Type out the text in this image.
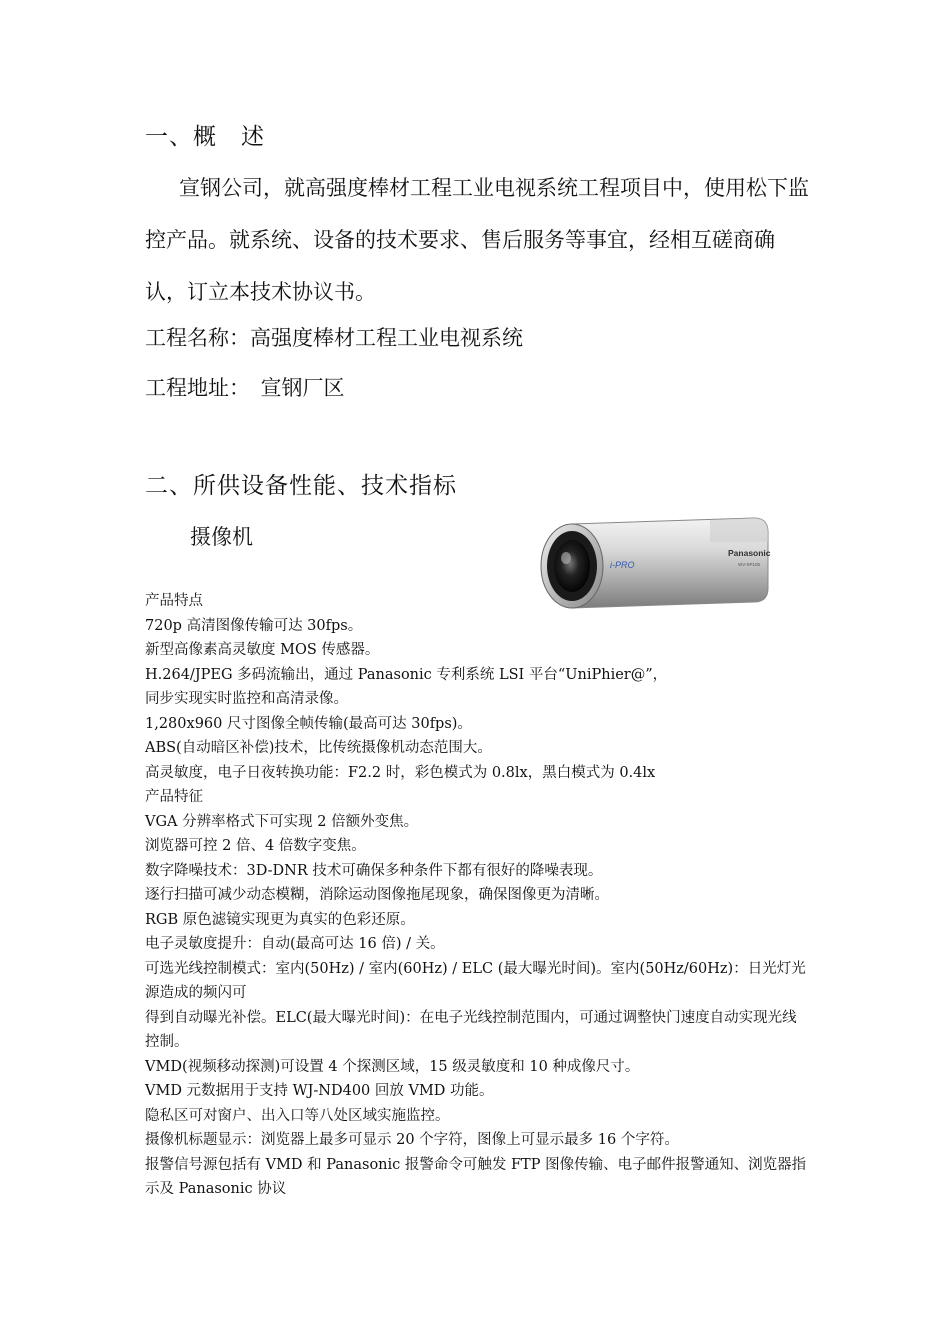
一、概　述
宣钢公司，就高强度棒材工程工业电视系统工程项目中，使用松下监控产品。就系统、设备的技术要求、售后服务等事宜，经相互磋商确认，订立本技术协议书。
工程名称：高强度棒材工程工业电视系统
工程地址：　宣钢厂区
二、所供设备性能、技术指标
摄像机
i-PRO
Panasonic
WV-SP105
产品特点
720p 高清图像传输可达 30fps。
新型高像素高灵敏度 MOS 传感器。
H.264/JPEG 多码流输出，通过 Panasonic 专利系统 LSI 平台“UniPhier@”，
同步实现实时监控和高清录像。
1,280x960 尺寸图像全帧传输(最高可达 30fps)。
ABS(自动暗区补偿)技术，比传统摄像机动态范围大。
高灵敏度，电子日夜转换功能：F2.2 时，彩色模式为 0.8lx，黑白模式为 0.4lx
产品特征
VGA 分辨率格式下可实现 2 倍额外变焦。
浏览器可控 2 倍、4 倍数字变焦。
数字降噪技术：3D-DNR 技术可确保多种条件下都有很好的降噪表现。
逐行扫描可减少动态模糊，消除运动图像拖尾现象，确保图像更为清晰。
RGB 原色滤镜实现更为真实的色彩还原。
电子灵敏度提升：自动(最高可达 16 倍) / 关。
可选光线控制模式：室内(50Hz) / 室内(60Hz) / ELC (最大曝光时间)。室内(50Hz/60Hz)：日光灯光源造成的频闪可
得到自动曝光补偿。ELC(最大曝光时间)：在电子光线控制范围内，可通过调整快门速度自动实现光线控制。
VMD(视频移动探测)可设置 4 个探测区域，15 级灵敏度和 10 种成像尺寸。
VMD 元数据用于支持 WJ-ND400 回放 VMD 功能。
隐私区可对窗户、出入口等八处区域实施监控。
摄像机标题显示：浏览器上最多可显示 20 个字符，图像上可显示最多 16 个字符。
报警信号源包括有 VMD 和 Panasonic 报警命令可触发 FTP 图像传输、电子邮件报警通知、浏览器指示及 Panasonic 协议
